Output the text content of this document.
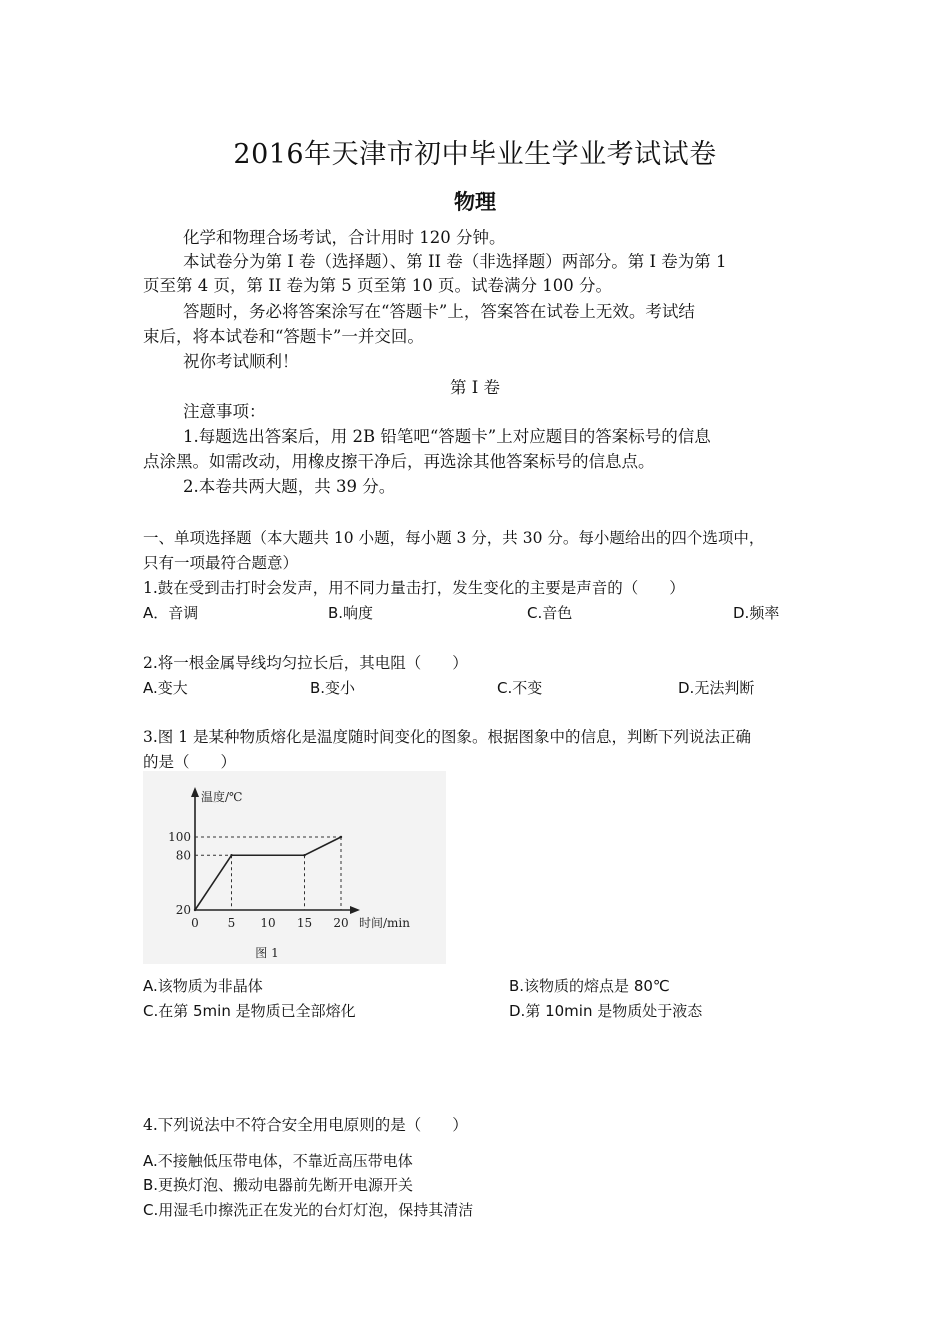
2016年天津市初中毕业生学业考试试卷
物理
化学和物理合场考试，合计用时 120 分钟。
本试卷分为第 I 卷（选择题）、第 II 卷（非选择题）两部分。第 I 卷为第 1
页至第 4 页，第 II 卷为第 5 页至第 10 页。试卷满分 100 分。
答题时，务必将答案涂写在“答题卡”上，答案答在试卷上无效。考试结
束后，将本试卷和“答题卡”一并交回。
祝你考试顺利！
第 I 卷
注意事项：
1.每题选出答案后，用 2B 铅笔吧“答题卡”上对应题目的答案标号的信息
点涂黑。如需改动，用橡皮擦干净后，再选涂其他答案标号的信息点。
2.本卷共两大题，共 39 分。
一、单项选择题（本大题共 10 小题，每小题 3 分，共 30 分。每小题给出的四个选项中，
只有一项最符合题意）
1.鼓在受到击打时会发声，用不同力量击打，发生变化的主要是声音的（　　）
A．音调	B.响度	C.音色	D.频率
2.将一根金属导线均匀拉长后，其电阻（　　）
A.变大	B.变小	C.不变	D.无法判断
3.图 1 是某种物质熔化是温度随时间变化的图象。根据图象中的信息，判断下列说法正确
的是（　　）
20
80
100
0 5 10 15 20
温度/℃
时间/min
图 1
A.该物质为非晶体	B.该物质的熔点是 80℃
C.在第 5min 是物质已全部熔化	D.第 10min 是物质处于液态
4.下列说法中不符合安全用电原则的是（　　）
A.不接触低压带电体，不靠近高压带电体
B.更换灯泡、搬动电器前先断开电源开关
C.用湿毛巾擦洗正在发光的台灯灯泡，保持其清洁
